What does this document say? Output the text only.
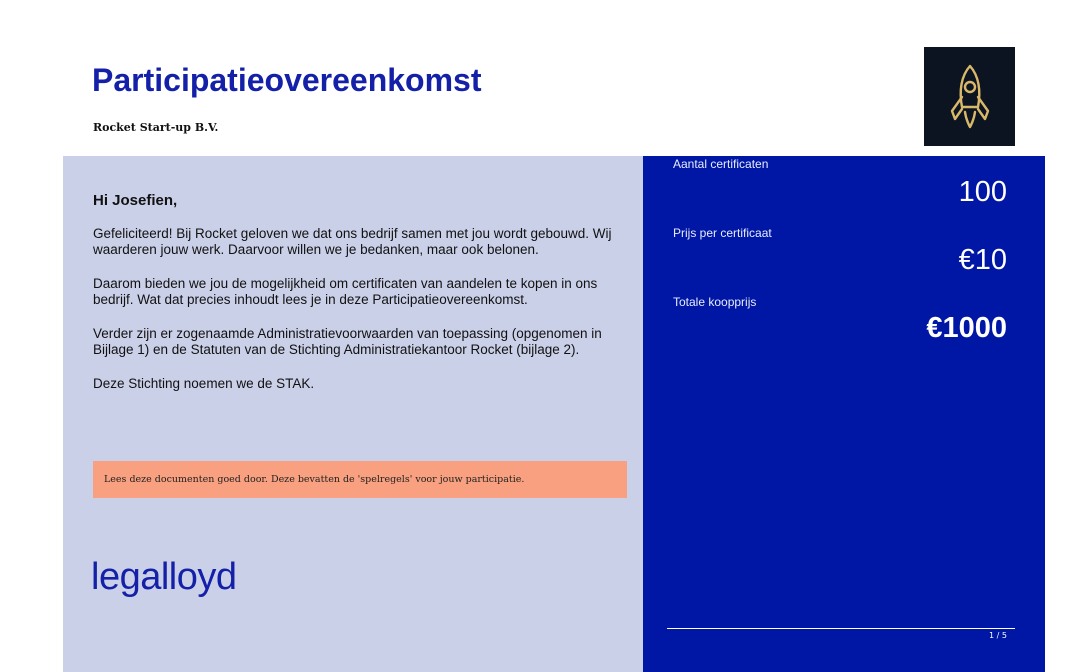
Participatieovereenkomst
Rocket Start-up B.V.
Hi Josefien,

Gefeliciteerd! Bij Rocket geloven we dat ons bedrijf samen met jou wordt gebouwd. Wij waarderen jouw werk. Daarvoor willen we je bedanken, maar ook belonen.

Daarom bieden we jou de mogelijkheid om certificaten van aandelen te kopen in ons bedrijf. Wat dat precies inhoudt lees je in deze Participatieovereenkomst.

Verder zijn er zogenaamde Administratievoorwaarden van toepassing (opgenomen in Bijlage 1) en de Statuten van de Stichting Administratiekantoor Rocket (bijlage 2).

Deze Stichting noemen we de STAK.

Lees deze documenten goed door. Deze bevatten de 'spelregels' voor jouw participatie.
legalloyd
Aantal certificaten
100
Prijs per certificaat
€10
Totale koopprijs
€1000
1 / 5
